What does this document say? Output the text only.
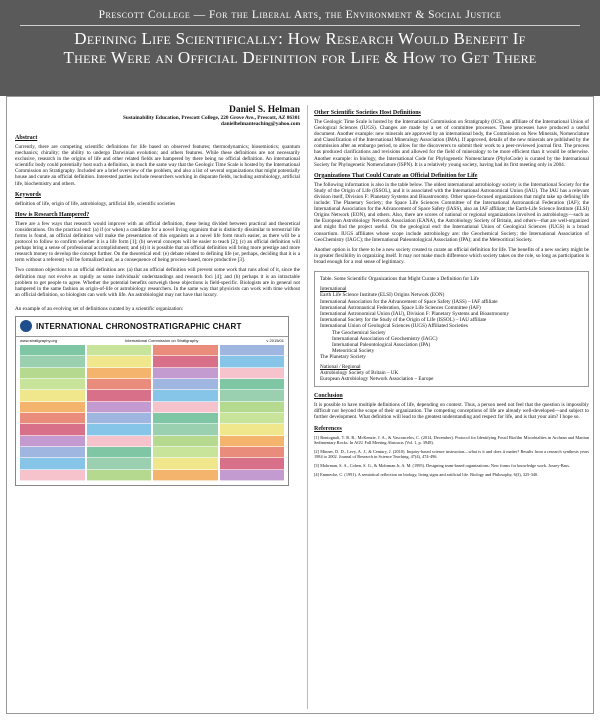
Prescott College — For the Liberal Arts, the Environment & Social Justice
Defining Life Scientifically: How Research Would Benefit If
There Were an Official Definition for Life & How to Get There
Daniel S. Helman
Sustainability Education, Prescott College, 220 Grove Ave., Prescott, AZ 86301
danielhelmanteaching@yahoo.com
Abstract

Currently, there are competing scientific definitions for life based on observed features; thermodynamics; biosemiotics; quantum mechanics; chirality; the ability to undergo Darwinian evolution; and others features. While these definitions are not necessarily exclusive, research in the origins of life and other related fields are hampered by there being no official definition. An international scientific body could potentially host such a definition, in much the same way that the Geologic Time Scale is hosted by the International Commission on Stratigraphy. Included are a brief overview of the problem, and also a list of several organizations that might potentially house and curate an official definition. Interested parties include researchers working in disparate fields, including astrobiology, artificial life, biochemistry and others.

Keywords

definition of life, origin of life, astrobiology, artificial life, scientific societies

How is Research Hampered?

There are a few ways that research would improve with an official definition, these being divided between practical and theoretical considerations. On the practical end: (a) if (or when) a candidate for a novel living organism that is distinctly dissimilar to terrestrial life forms is found, an official definition will make the presentation of this organism as a novel life form much easier, as there will be a protocol to follow to confirm whether it is a life form [1]; (b) several concepts will be easier to teach [2]; (c) an official definition will perhaps bring a sense of professional accomplishment; and (d) it is possible that an official definition will bring more prestige and more research money to develop the concept further. On the theoretical end: (e) debate related to defining life (or, perhaps, deciding that it is a term without a referent) will be formalized and, as a consequence of being process-based, more productive [3].

Two common objections to an official definition are: (a) that an official definition will prevent some work that runs afoul of it, since the definition may not evolve as rapidly as some individuals' understandings and research foci [4]; and (b) perhaps it is an intractable problem to get people to agree. Whether the potential benefits outweigh these objections is field-specific. Biologists are in general not hampered in the same fashion as origin-of-life or astrobiology researchers. In the same way that physicists can work with time without an official definition, so biologists can work with life. An astrobiologist may not have that luxury.

An example of an evolving set of definitions curated by a scientific organization:

INTERNATIONAL CHRONOSTRATIGRAPHIC CHART
www.stratigraphy.org	International Commission on Stratigraphy	v 2015/01
Other Scientific Societies Host Definitions

The Geologic Time Scale is hosted by the International Commission on Stratigraphy (ICS), an affiliate of the International Union of Geological Sciences (IUGS). Changes are made by a set of committee processes. These processes have produced a useful document. Another example: new minerals are approved by an international body, the Commission on New Minerals, Nomenclature and Classification of the International Mineralogy Association (IMA). If approved, details of the new minerals are published by the commission after an embargo period, to allow for the discoverers to submit their work to a peer-reviewed journal first. The process has produced clarifications and revisions and allowed for the field of mineralogy to be more efficient than it would be otherwise. Another example: in biology, the International Code for Phylogenetic Nomenclature (PhyloCode) is curated by the International Society for Phylogenetic Nomenclature (ISPN). It is a relatively young society, having had its first meeting only in 2004.

Organizations That Could Curate an Official Definition for Life

The following information is also in the table below. The oldest international astrobiology society is the International Society for the Study of the Origin of Life (ISSOL), and it is associated with the International Astronomical Union (IAU). The IAU has a relevant division itself, Division F: Planetary Systems and Bioastronomy. Other space-focused organizations that might take up defining life include: The Planetary Society; the Space Life Sciences Committee of the International Astronautical Federation (IAF); the International Association for the Advancement of Space Safety (IASS), also an IAF affiliate; the Earth-Life Science Institute (ELSI) Origins Network (EON), and others. Also, there are scores of national or regional organizations involved in astrobiology—such as the European Astrobiology Network Association (EANA), the Astrobiology Society of Britain, and others—that are well-organized and might find the project useful. On the geological end: the International Union of Geological Sciences (IUGS) is a broad consortium. IUGS affiliates whose scope include astrobiology are: the Geochemical Society; the International Association of GeoChemistry (IAGC); the International Paleontological Association (IPA); and the Meteoritical Society.

Another option is for there to be a new society created to curate an official definition for life. The benefits of a new society might be in greater flexibility in organizing itself. It may not make much difference which society takes on the role, so long as participation is broad enough for a real sense of legitimacy.

Table. Some Scientific Organizations that Might Curate a Definition for Life
International
Earth Life Science Institute (ELSI) Origins Network (EON)
International Association for the Advancement of Space Safety (IASS) – IAF affiliate
International Astronautical Federation, Space Life Sciences Committee (IAF)
International Astronomical Union (IAU), Division F: Planetary Systems and Bioastronomy
International Society for the Study of the Origin of Life (ISSOL) – IAU affiliate
International Union of Geological Sciences (IUGS) Affiliated Societies
The Geochemical Society
International Association of Geochemistry (IAGC)
International Paleontological Association (IPA)
Meteoritical Society
The Planetary Society
National / Regional
Astrobiology Society of Britain – UK
European Astrobiology Network Association – Europe
Conclusion

It is possible to have multiple definitions of life, depending on context. Thus, a person need not feel that the question is impossibly difficult nor beyond the scope of their organization. The competing conceptions of life are already well-developed—and subject to further development. What definition will lead to the greatest understanding and respect for life, and is that your aim? I hope so.

References

[1] Bontognali, T. R. R., McKenzie, J. A., & Vasconcelos, C. (2014, December). Protocol for Identifying Fossil Biofilm Microbialites in Archean and Martian Sedimentary Rocks. In AGU Fall Meeting Abstracts (Vol. 1, p. 3948).

[2] Minner, D. D., Levy, A. J., & Century, J. (2010). Inquiry-based science instruction—what is it and does it matter? Results from a research synthesis years 1984 to 2002. Journal of Research in Science Teaching, 47(4), 474-496.

[3] Mohrman, S. A., Cohen, S. G., & Mohrman Jr, A. M. (1995). Designing team-based organizations: New forms for knowledge work. Jossey-Bass.

[4] Emmeche, C. (1991). A semiotical reflection on biology, living signs and artificial life. Biology and Philosophy, 6(3), 325-340.
